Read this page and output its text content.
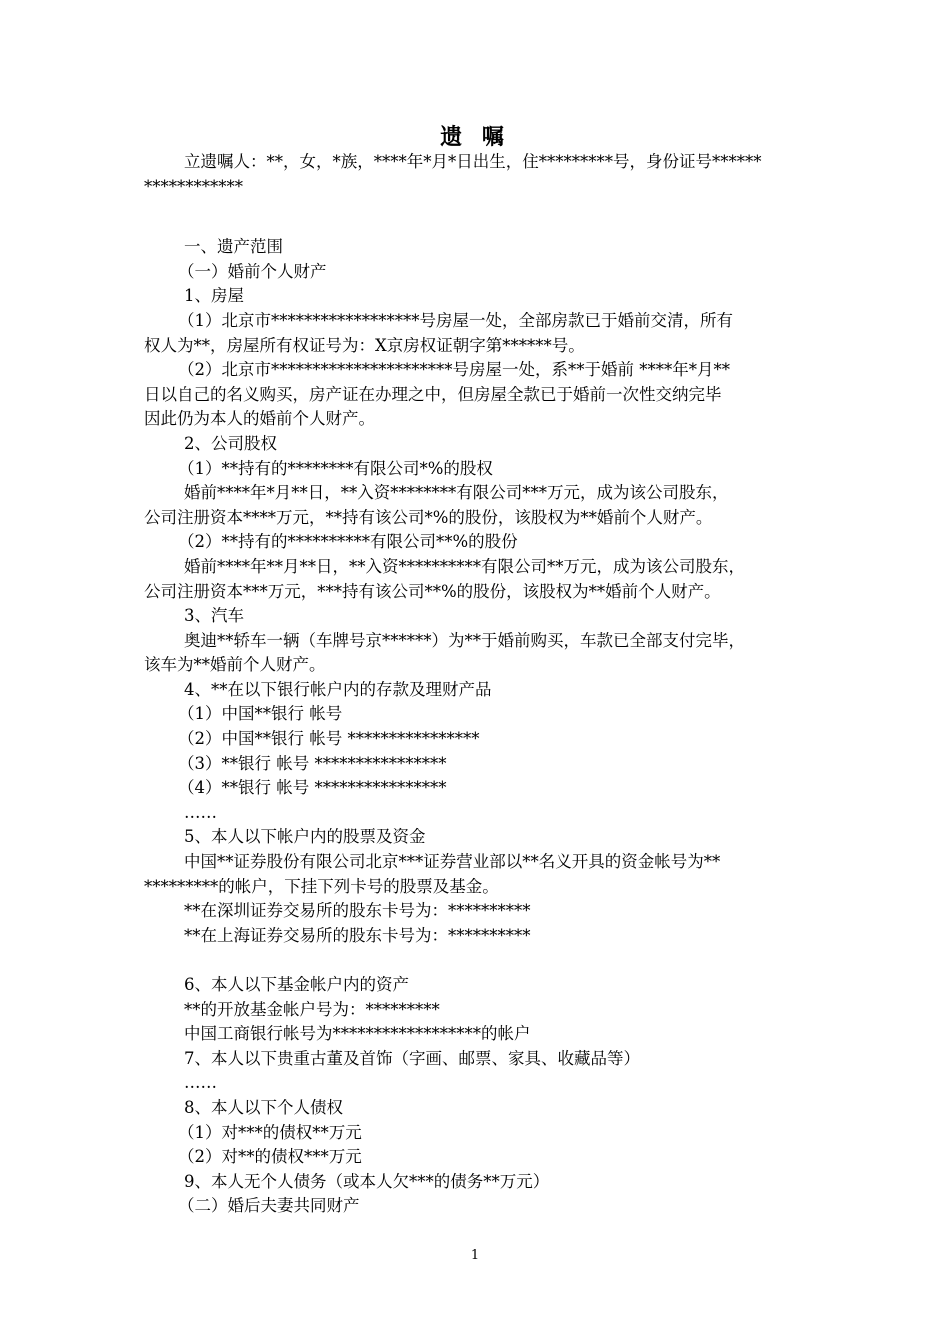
遗 嘱

立遗嘱人：**，女，*族，****年*月*日出生，住*********号，身份证号******

************

一、遗产范围

（一）婚前个人财产

1、房屋

（1）北京市******************号房屋一处，全部房款已于婚前交清，所有

权人为**，房屋所有权证号为：X京房权证朝字第******号。

（2）北京市**********************号房屋一处，系**于婚前 ****年*月**

日以自己的名义购买，房产证在办理之中，但房屋全款已于婚前一次性交纳完毕

因此仍为本人的婚前个人财产。

2、公司股权

（1）**持有的********有限公司*%的股权

婚前****年*月**日，**入资********有限公司***万元，成为该公司股东，

公司注册资本****万元，**持有该公司*%的股份，该股权为**婚前个人财产。

（2）**持有的**********有限公司**%的股份

婚前****年**月**日，**入资**********有限公司**万元，成为该公司股东，

公司注册资本***万元，***持有该公司**%的股份，该股权为**婚前个人财产。

3、汽车

奥迪**轿车一辆（车牌号京******）为**于婚前购买，车款已全部支付完毕，

该车为**婚前个人财产。

4、**在以下银行帐户内的存款及理财产品

（1）中国**银行 帐号

（2）中国**银行 帐号 ****************

（3）**银行 帐号 ****************

（4）**银行 帐号 ****************

……

5、本人以下帐户内的股票及资金

中国**证券股份有限公司北京***证券营业部以**名义开具的资金帐号为**

*********的帐户，下挂下列卡号的股票及基金。

**在深圳证券交易所的股东卡号为：**********

**在上海证券交易所的股东卡号为：**********

6、本人以下基金帐户内的资产

**的开放基金帐户号为：*********

中国工商银行帐号为******************的帐户

7、本人以下贵重古董及首饰（字画、邮票、家具、收藏品等）

……

8、本人以下个人债权

（1）对***的债权**万元

（2）对**的债权***万元

9、本人无个人债务（或本人欠***的债务**万元）

（二）婚后夫妻共同财产

1
